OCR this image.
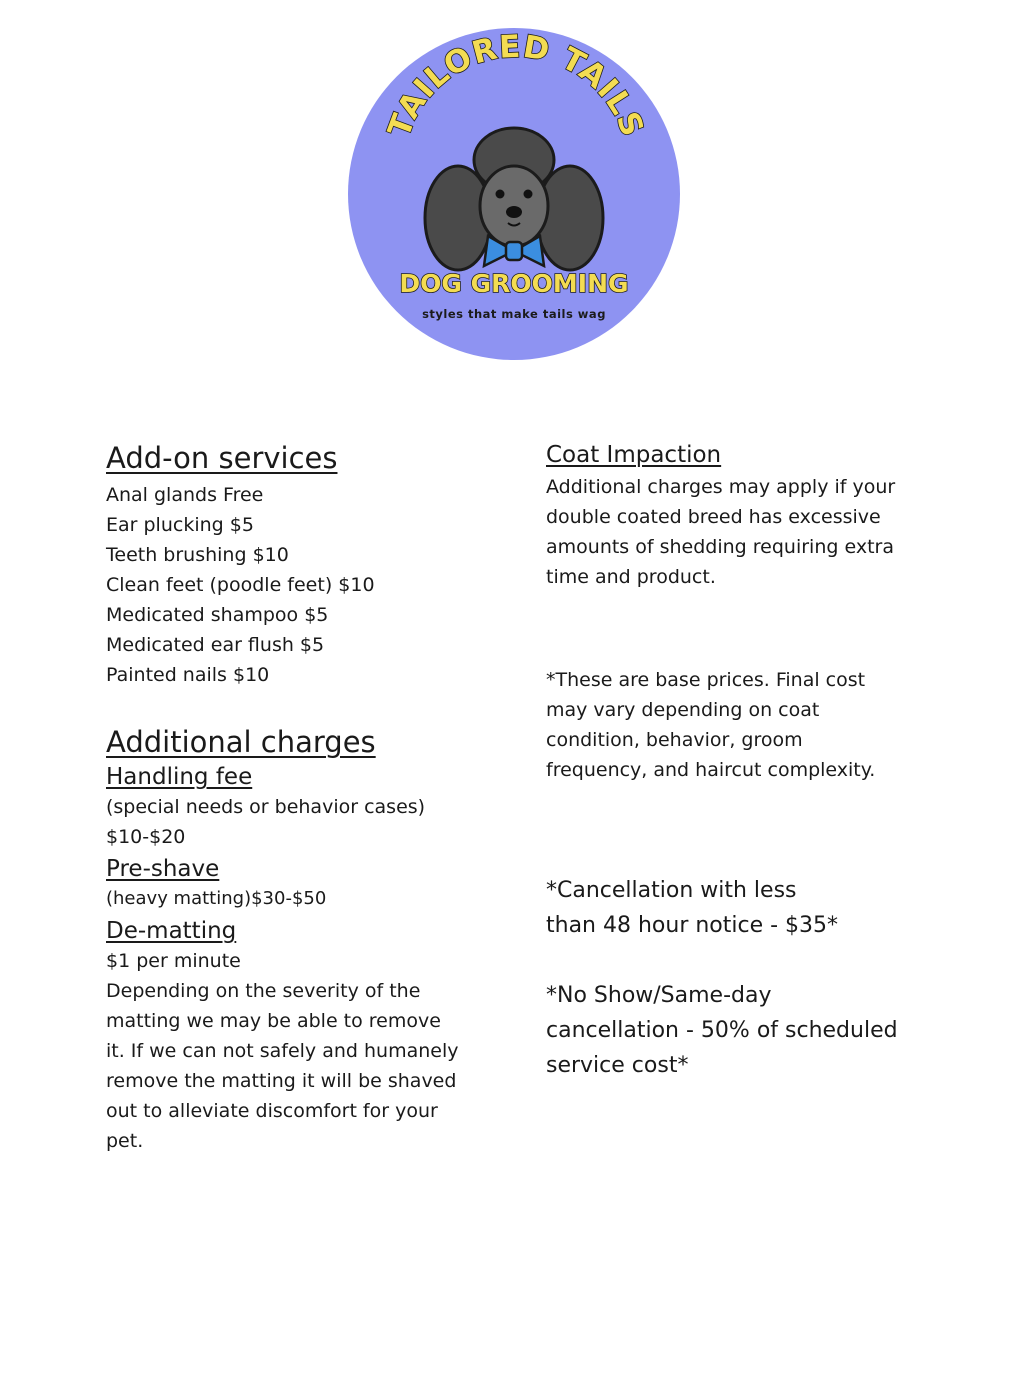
TAILORED TAILS
DOG GROOMING
styles that make tails wag
Add-on services

Anal glands Free

Ear plucking $5

Teeth brushing $10

Clean feet (poodle feet) $10

Medicated shampoo $5

Medicated ear flush $5

Painted nails $10

Additional charges
Handling fee

(special needs or behavior cases)

$10-$20

Pre-shave

(heavy matting)$30-$50

De-matting

$1 per minute

Depending on the severity of the

matting we may be able to remove

it. If we can not safely and humanely

remove the matting it will be shaved

out to alleviate discomfort for your

pet.

Coat Impaction

Additional charges may apply if your

double coated breed has excessive

amounts of shedding requiring extra

time and product.

*These are base prices. Final cost

may vary depending on coat

condition, behavior, groom

frequency, and haircut complexity.

*Cancellation with less

than 48 hour notice - $35*

*No Show/Same-day

cancellation - 50% of scheduled

service cost*
